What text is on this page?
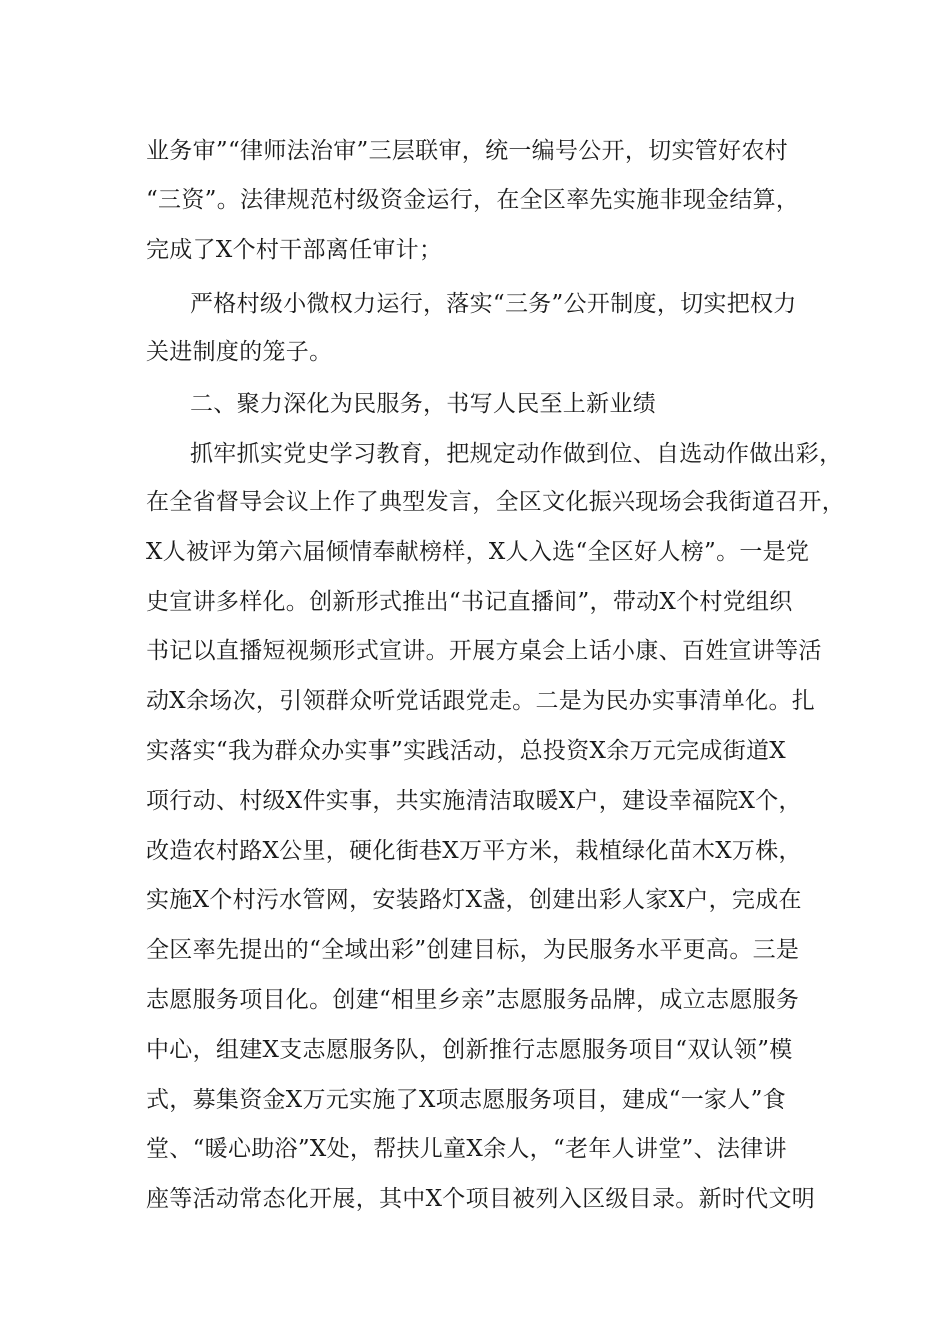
业务审”“律师法治审”三层联审，统一编号公开，切实管好农村
“三资”。法律规范村级资金运行，在全区率先实施非现金结算，
完成了X个村干部离任审计；
严格村级小微权力运行，落实“三务”公开制度，切实把权力
关进制度的笼子。
二、聚力深化为民服务，书写人民至上新业绩
抓牢抓实党史学习教育，把规定动作做到位、自选动作做出彩，
在全省督导会议上作了典型发言，全区文化振兴现场会我街道召开，
X人被评为第六届倾情奉献榜样，X人入选“全区好人榜”。一是党
史宣讲多样化。创新形式推出“书记直播间”，带动X个村党组织
书记以直播短视频形式宣讲。开展方桌会上话小康、百姓宣讲等活
动X余场次，引领群众听党话跟党走。二是为民办实事清单化。扎
实落实“我为群众办实事”实践活动，总投资X余万元完成街道X
项行动、村级X件实事，共实施清洁取暖X户，建设幸福院X个，
改造农村路X公里，硬化街巷X万平方米，栽植绿化苗木X万株，
实施X个村污水管网，安装路灯X盏，创建出彩人家X户，完成在
全区率先提出的“全域出彩”创建目标，为民服务水平更高。三是
志愿服务项目化。创建“相里乡亲”志愿服务品牌，成立志愿服务
中心，组建X支志愿服务队，创新推行志愿服务项目“双认领”模
式，募集资金X万元实施了X项志愿服务项目，建成“一家人”食
堂、“暖心助浴”X处，帮扶儿童X余人，“老年人讲堂”、法律讲
座等活动常态化开展，其中X个项目被列入区级目录。新时代文明
